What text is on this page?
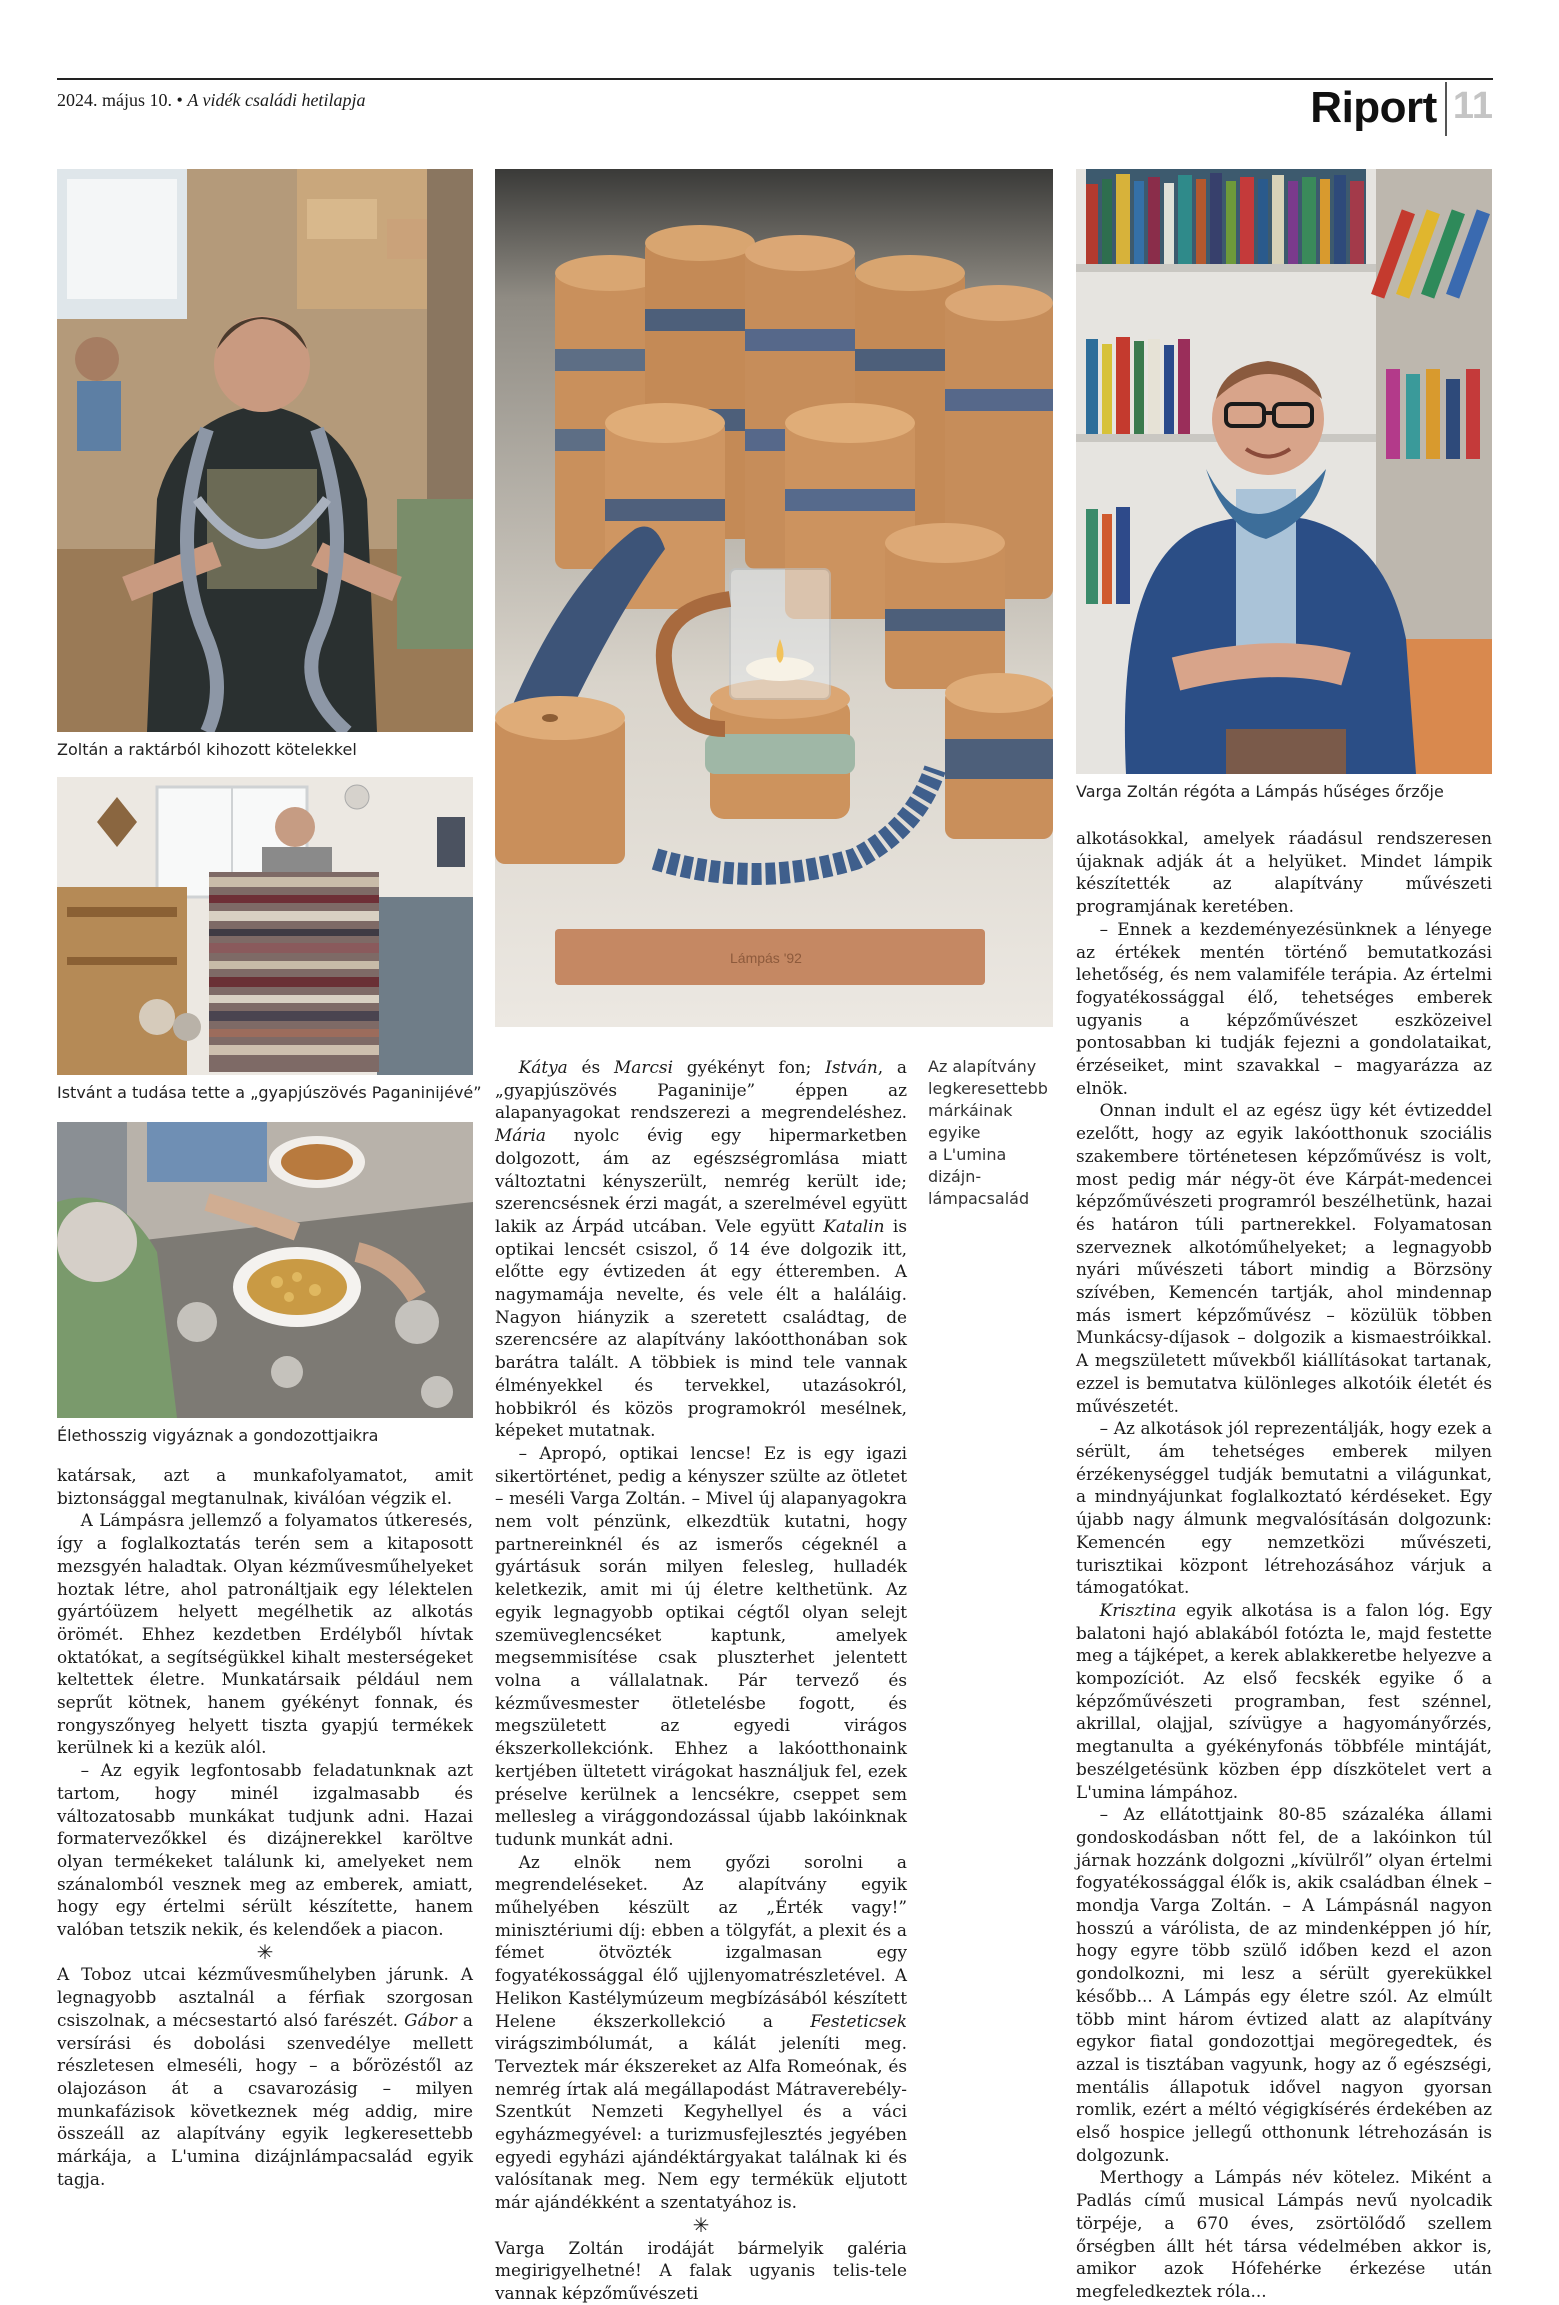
2024. május 10. • A vidék családi hetilapja	Riport 11
Zoltán a raktárból kihozott kötelekkel
Istvánt a tudása tette a „gyapjúszövés Paganinijévé”
Élethosszig vigyáznak a gondozottjaikra
Lámpás '92
Az alapítvány
legkeresettebb
márkáinak
egyike
a L'umina
dizájn-
lámpacsalád
Varga Zoltán régóta a Lámpás hűséges őrzője

katársak, azt a munkafolyamatot, amit biztonsággal megtanulnak, kiválóan végzik el.

A Lámpásra jellemző a folyamatos útkeresés, így a foglalkoztatás terén sem a kitaposott mezsgyén haladtak. Olyan kézművesműhelyeket hoztak létre, ahol patronáltjaik egy lélektelen gyártóüzem helyett megélhetik az alkotás örömét. Ehhez kezdetben Erdélyből hívtak oktatókat, a segítségükkel kihalt mesterségeket keltettek életre. Munkatársaik például nem seprűt kötnek, hanem gyékényt fonnak, és rongyszőnyeg helyett tiszta gyapjú termékek kerülnek ki a kezük alól.

– Az egyik legfontosabb feladatunknak azt tartom, hogy minél izgalmasabb és változatosabb munkákat tudjunk adni. Hazai formatervezőkkel és dizájnerekkel karöltve olyan termékeket találunk ki, amelyeket nem szánalomból vesznek meg az emberek, amiatt, hogy egy értelmi sérült készítette, hanem valóban tetszik nekik, és kelendőek a piacon.

✳

A Toboz utcai kézművesműhelyben járunk. A legnagyobb asztalnál a férfiak szorgosan csiszolnak, a mécsestartó alsó farészét. Gábor a versírási és dobolási szenvedélye mellett részletesen elmeséli, hogy – a bőrözéstől az olajozáson át a csavarozásig – milyen munkafázisok következnek még addig, mire összeáll az alapítvány egyik legkeresettebb márkája, a L'umina dizájnlámpacsalád egyik tagja.

Kátya és Marcsi gyékényt fon; István, a „gyapjúszövés Paganinije” éppen az alapanyagokat rendszerezi a megrendeléshez. Mária nyolc évig egy hipermarketben dolgozott, ám az egészségromlása miatt változtatni kényszerült, nemrég került ide; szerencsésnek érzi magát, a szerelmével együtt lakik az Árpád utcában. Vele együtt Katalin is optikai lencsét csiszol, ő 14 éve dolgozik itt, előtte egy évtizeden át egy étteremben. A nagymamája nevelte, és vele élt a haláláig. Nagyon hiányzik a szeretett családtag, de szerencsére az alapítvány lakóotthonában sok barátra talált. A többiek is mind tele vannak élményekkel és tervekkel, utazásokról, hobbikról és közös programokról mesélnek, képeket mutatnak.

– Apropó, optikai lencse! Ez is egy igazi sikertörténet, pedig a kényszer szülte az ötletet – meséli Varga Zoltán. – Mivel új alapanyagokra nem volt pénzünk, elkezdtük kutatni, hogy partnereinknél és az ismerős cégeknél a gyártásuk során milyen felesleg, hulladék keletkezik, amit mi új életre kelthetünk. Az egyik legnagyobb optikai cégtől olyan selejt szemüveglencséket kaptunk, amelyek megsemmisítése csak pluszterhet jelentett volna a vállalatnak. Pár tervező és kézművesmester ötletelésbe fogott, és megszületett az egyedi virágos ékszerkollekciónk. Ehhez a lakóotthonaink kertjében ültetett virágokat használjuk fel, ezek préselve kerülnek a lencsékre, cseppet sem mellesleg a virággondozással újabb lakóinknak tudunk munkát adni.

Az elnök nem győzi sorolni a megrendeléseket. Az alapítvány egyik műhelyében készült az „Érték vagy!” minisztériumi díj: ebben a tölgyfát, a plexit és a fémet ötvözték izgalmasan egy fogyatékossággal élő ujjlenyomatrészletével. A Helikon Kastélymúzeum megbízásából készített Helene ékszerkollekció a Festeticsek virágszimbólumát, a kálát jeleníti meg. Terveztek már ékszereket az Alfa Romeónak, és nemrég írtak alá megállapodást Mátraverebély-Szentkút Nemzeti Kegyhellyel és a váci egyházmegyével: a turizmusfejlesztés jegyében egyedi egyházi ajándéktárgyakat találnak ki és valósítanak meg. Nem egy termékük eljutott már ajándékként a szentatyához is.

✳

Varga Zoltán irodáját bármelyik galéria megirigyelhetné! A falak ugyanis telis-tele vannak képzőművészeti

alkotásokkal, amelyek ráadásul rendszeresen újaknak adják át a helyüket. Mindet lámpik készítették az alapítvány művészeti programjának keretében.

– Ennek a kezdeményezésünknek a lényege az értékek mentén történő bemutatkozási lehetőség, és nem valamiféle terápia. Az értelmi fogyatékossággal élő, tehetséges emberek ugyanis a képzőművészet eszközeivel pontosabban ki tudják fejezni a gondolataikat, érzéseiket, mint szavakkal – magyarázza az elnök.

Onnan indult el az egész ügy két évtizeddel ezelőtt, hogy az egyik lakóotthonuk szociális szakembere történetesen képzőművész is volt, most pedig már négy-öt éve Kárpát-medencei képzőművészeti programról beszélhetünk, hazai és határon túli partnerekkel. Folyamatosan szerveznek alkotóműhelyeket; a legnagyobb nyári művészeti tábort mindig a Börzsöny szívében, Kemencén tartják, ahol mindennap más ismert képzőművész – közülük többen Munkácsy-díjasok – dolgozik a kismaestróikkal. A megszületett művekből kiállításokat tartanak, ezzel is bemutatva különleges alkotóik életét és művészetét.

– Az alkotások jól reprezentálják, hogy ezek a sérült, ám tehetséges emberek milyen érzékenységgel tudják bemutatni a világunkat, a mindnyájunkat foglalkoztató kérdéseket. Egy újabb nagy álmunk megvalósításán dolgozunk: Kemencén egy nemzetközi művészeti, turisztikai központ létrehozásához várjuk a támogatókat.

Krisztina egyik alkotása is a falon lóg. Egy balatoni hajó ablakából fotózta le, majd festette meg a tájképet, a kerek ablakkeretbe helyezve a kompozíciót. Az első fecskék egyike ő a képzőművészeti programban, fest szénnel, akrillal, olajjal, szívügye a hagyományőrzés, megtanulta a gyékényfonás többféle mintáját, beszélgetésünk közben épp díszkötelet vert a L'umina lámpához.

– Az ellátottjaink 80-85 százaléka állami gondoskodásban nőtt fel, de a lakóinkon túl járnak hozzánk dolgozni „kívülről” olyan értelmi fogyatékossággal élők is, akik családban élnek – mondja Varga Zoltán. – A Lámpásnál nagyon hosszú a várólista, de az mindenképpen jó hír, hogy egyre több szülő időben kezd el azon gondolkozni, mi lesz a sérült gyerekükkel később... A Lámpás egy életre szól. Az elmúlt több mint három évtized alatt az alapítvány egykor fiatal gondozottjai megöregedtek, és azzal is tisztában vagyunk, hogy az ő egészségi, mentális állapotuk idővel nagyon gyorsan romlik, ezért a méltó végigkísérés érdekében az első hospice jellegű otthonunk létrehozásán is dolgozunk.

Merthogy a Lámpás név kötelez. Miként a Padlás című musical Lámpás nevű nyolcadik törpéje, a 670 éves, zsörtölődő szellem őrségben állt hét társa védelmében akkor is, amikor azok Hófehérke érkezése után megfeledkeztek róla...
